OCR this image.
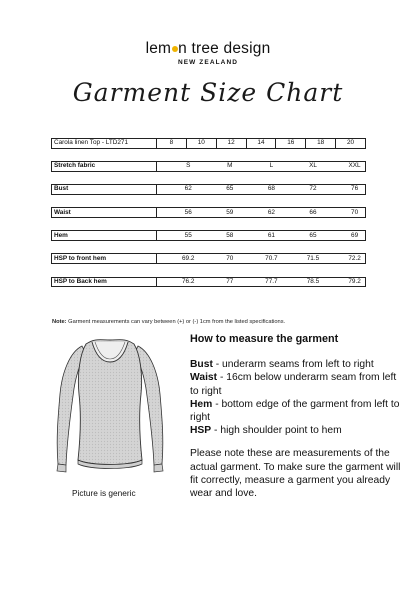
lem n tree design
NEW ZEALAND
Garment Size Chart
Carola linen Top - LTD271	8	10	12	14	16	18	20

Stretch fabric	S M L XL XXL						

Bust	62 65 68 72 76						

Waist	56 59 62 66 70						

Hem	55 58 61 65 69						

HSP to front hem	69.2 70 70.7 71.5 72.2						

HSP to Back hem	76.2 77 77.7 78.5 79.2						
Note: Garment measurements can vary between (+) or (-) 1cm from the listed specifications.
Picture is generic
How to measure the garment

Bust - underarm seams from left to right

Waist - 16cm below underarm seam from left to right

Hem - bottom edge of the garment from left to right

HSP - high shoulder point to hem

Please note these are measurements of the actual garment. To make sure the garment will fit correctly, measure a garment you already wear and love.
